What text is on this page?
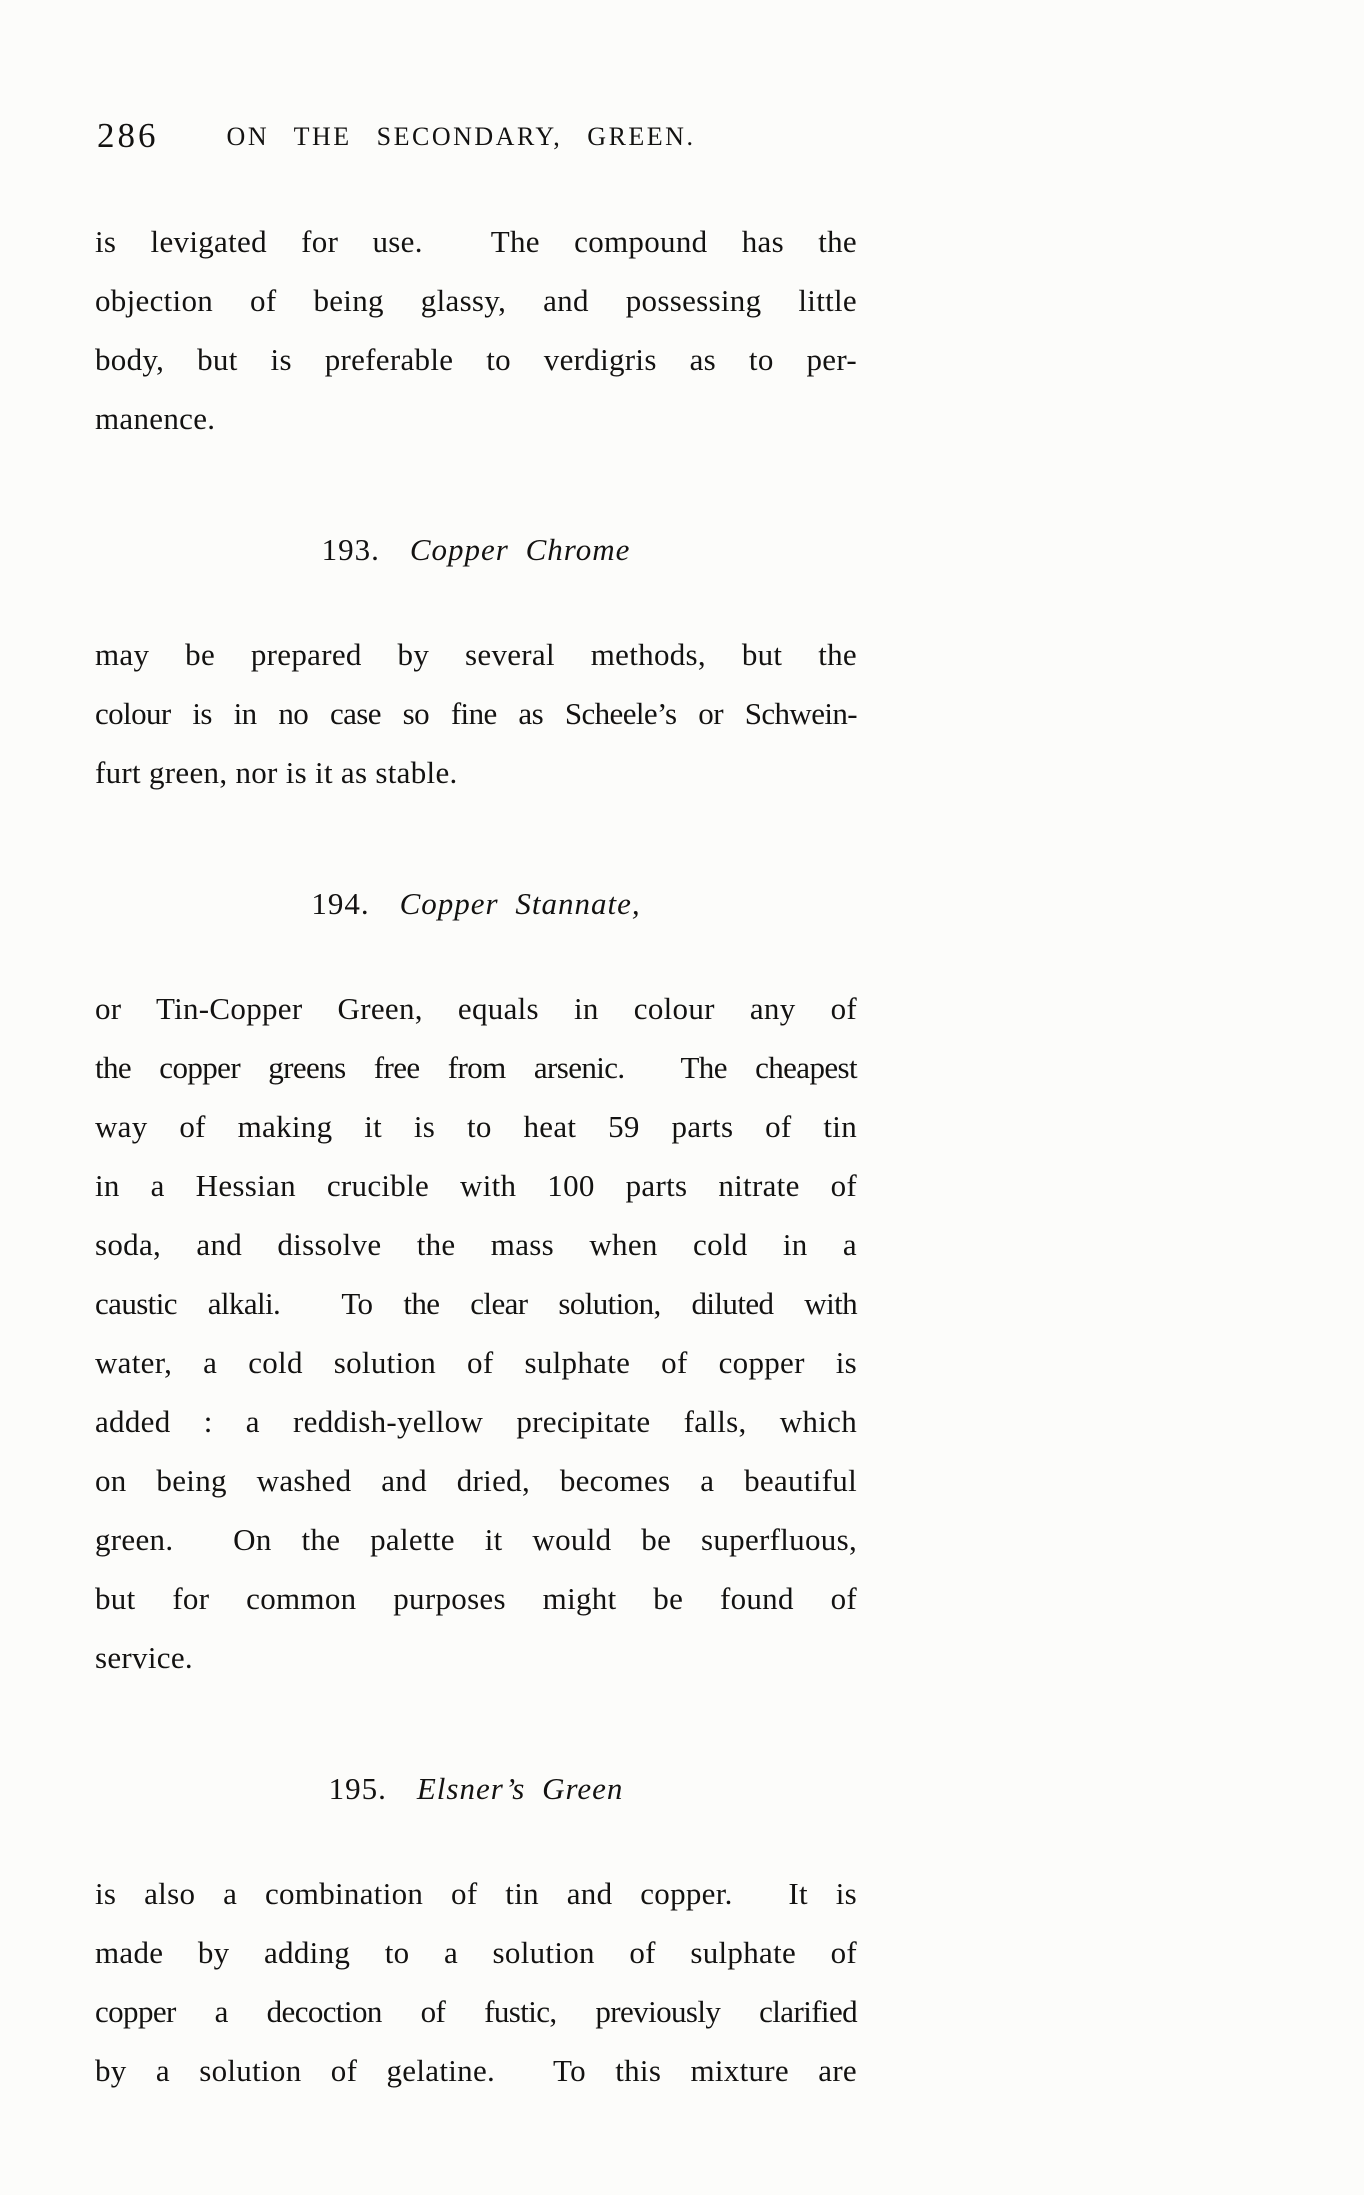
286	ON THE SECONDARY, GREEN.
is levigated for use.  The compound has the
objection of being glassy, and possessing little
body, but is preferable to verdigris as to per-
manence.
193. Copper Chrome
may be prepared by several methods, but the
colour is in no case so fine as Scheele’s or Schwein-
furt green, nor is it as stable.
194. Copper Stannate,
or Tin-Copper Green, equals in colour any of
the copper greens free from arsenic.  The cheapest
way of making it is to heat 59 parts of tin
in a Hessian crucible with 100 parts nitrate of
soda, and dissolve the mass when cold in a
caustic alkali.  To the clear solution, diluted with
water, a cold solution of sulphate of copper is
added : a reddish-yellow precipitate falls, which
on being washed and dried, becomes a beautiful
green.  On the palette it would be superfluous,
but for common purposes might be found of
service.
195. Elsner’s Green
is also a combination of tin and copper.  It is
made by adding to a solution of sulphate of
copper a decoction of fustic, previously clarified
by a solution of gelatine.  To this mixture are
